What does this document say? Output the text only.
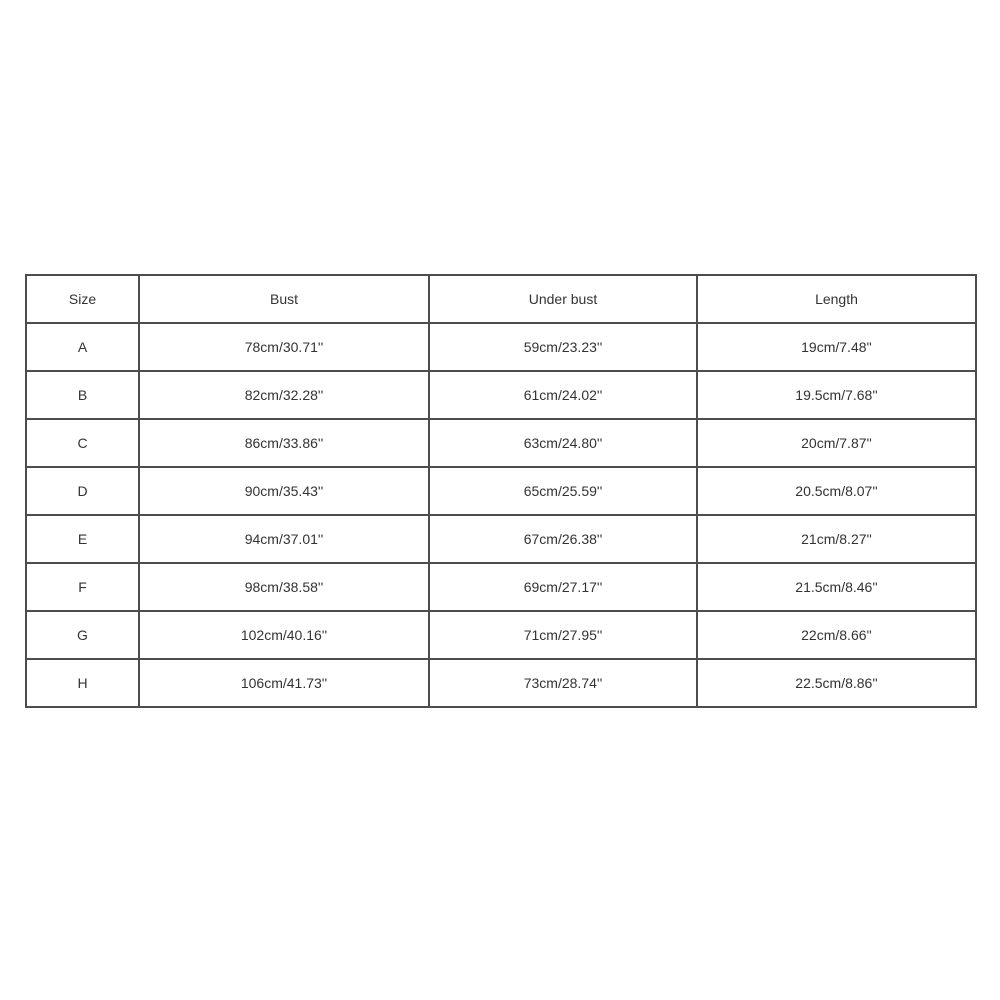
Size	Bust	Under bust	Length
A	78cm/30.71''	59cm/23.23''	19cm/7.48''
B	82cm/32.28''	61cm/24.02''	19.5cm/7.68''
C	86cm/33.86''	63cm/24.80''	20cm/7.87''
D	90cm/35.43''	65cm/25.59''	20.5cm/8.07''
E	94cm/37.01''	67cm/26.38''	21cm/8.27''
F	98cm/38.58''	69cm/27.17''	21.5cm/8.46''
G	102cm/40.16''	71cm/27.95''	22cm/8.66''
H	106cm/41.73''	73cm/28.74''	22.5cm/8.86''
